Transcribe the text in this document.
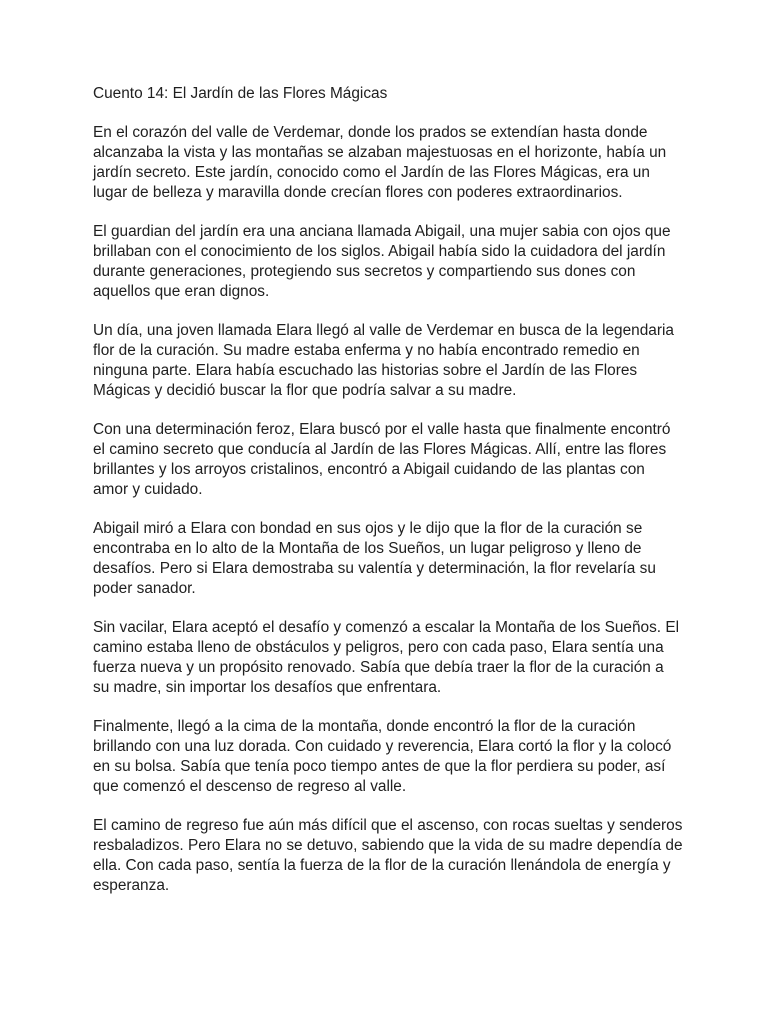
Cuento 14: El Jardín de las Flores Mágicas

En el corazón del valle de Verdemar, donde los prados se extendían hasta donde alcanzaba la vista y las montañas se alzaban majestuosas en el horizonte, había un jardín secreto. Este jardín, conocido como el Jardín de las Flores Mágicas, era un lugar de belleza y maravilla donde crecían flores con poderes extraordinarios.

El guardian del jardín era una anciana llamada Abigail, una mujer sabia con ojos que brillaban con el conocimiento de los siglos. Abigail había sido la cuidadora del jardín durante generaciones, protegiendo sus secretos y compartiendo sus dones con aquellos que eran dignos.

Un día, una joven llamada Elara llegó al valle de Verdemar en busca de la legendaria flor de la curación. Su madre estaba enferma y no había encontrado remedio en ninguna parte. Elara había escuchado las historias sobre el Jardín de las Flores Mágicas y decidió buscar la flor que podría salvar a su madre.

Con una determinación feroz, Elara buscó por el valle hasta que finalmente encontró el camino secreto que conducía al Jardín de las Flores Mágicas. Allí, entre las flores brillantes y los arroyos cristalinos, encontró a Abigail cuidando de las plantas con amor y cuidado.

Abigail miró a Elara con bondad en sus ojos y le dijo que la flor de la curación se encontraba en lo alto de la Montaña de los Sueños, un lugar peligroso y lleno de desafíos. Pero si Elara demostraba su valentía y determinación, la flor revelaría su poder sanador.

Sin vacilar, Elara aceptó el desafío y comenzó a escalar la Montaña de los Sueños. El camino estaba lleno de obstáculos y peligros, pero con cada paso, Elara sentía una fuerza nueva y un propósito renovado. Sabía que debía traer la flor de la curación a su madre, sin importar los desafíos que enfrentara.

Finalmente, llegó a la cima de la montaña, donde encontró la flor de la curación brillando con una luz dorada. Con cuidado y reverencia, Elara cortó la flor y la colocó en su bolsa. Sabía que tenía poco tiempo antes de que la flor perdiera su poder, así que comenzó el descenso de regreso al valle.

El camino de regreso fue aún más difícil que el ascenso, con rocas sueltas y senderos resbaladizos. Pero Elara no se detuvo, sabiendo que la vida de su madre dependía de ella. Con cada paso, sentía la fuerza de la flor de la curación llenándola de energía y esperanza.
